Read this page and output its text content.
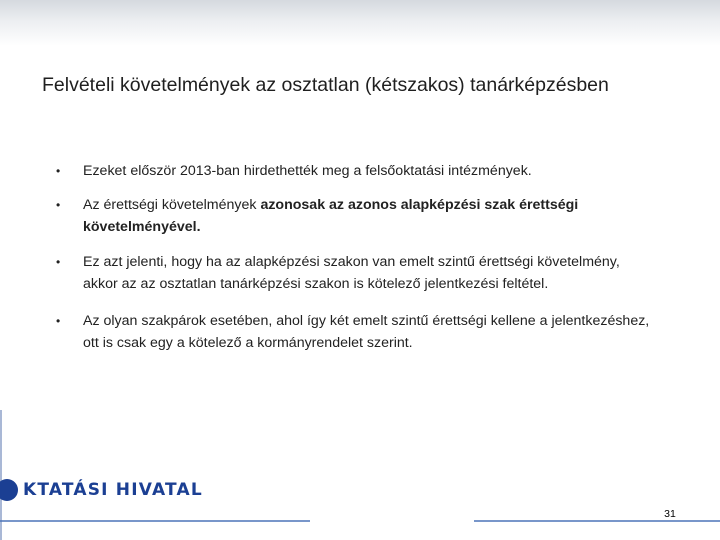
Felvételi követelmények az osztatlan (kétszakos) tanárképzésben
• Ezeket először 2013-ban hirdethették meg a felsőoktatási intézmények.
• Az érettségi követelmények azonosak az azonos alapképzési szak érettségi követelményével.
• Ez azt jelenti, hogy ha az alapképzési szakon van emelt szintű érettségi követelmény, akkor az az osztatlan tanárképzési szakon is kötelező jelentkezési feltétel.
• Az olyan szakpárok esetében, ahol így két emelt szintű érettségi kellene a jelentkezéshez, ott is csak egy a kötelező a kormányrendelet szerint.
KTATÁSI HIVATAL
31
